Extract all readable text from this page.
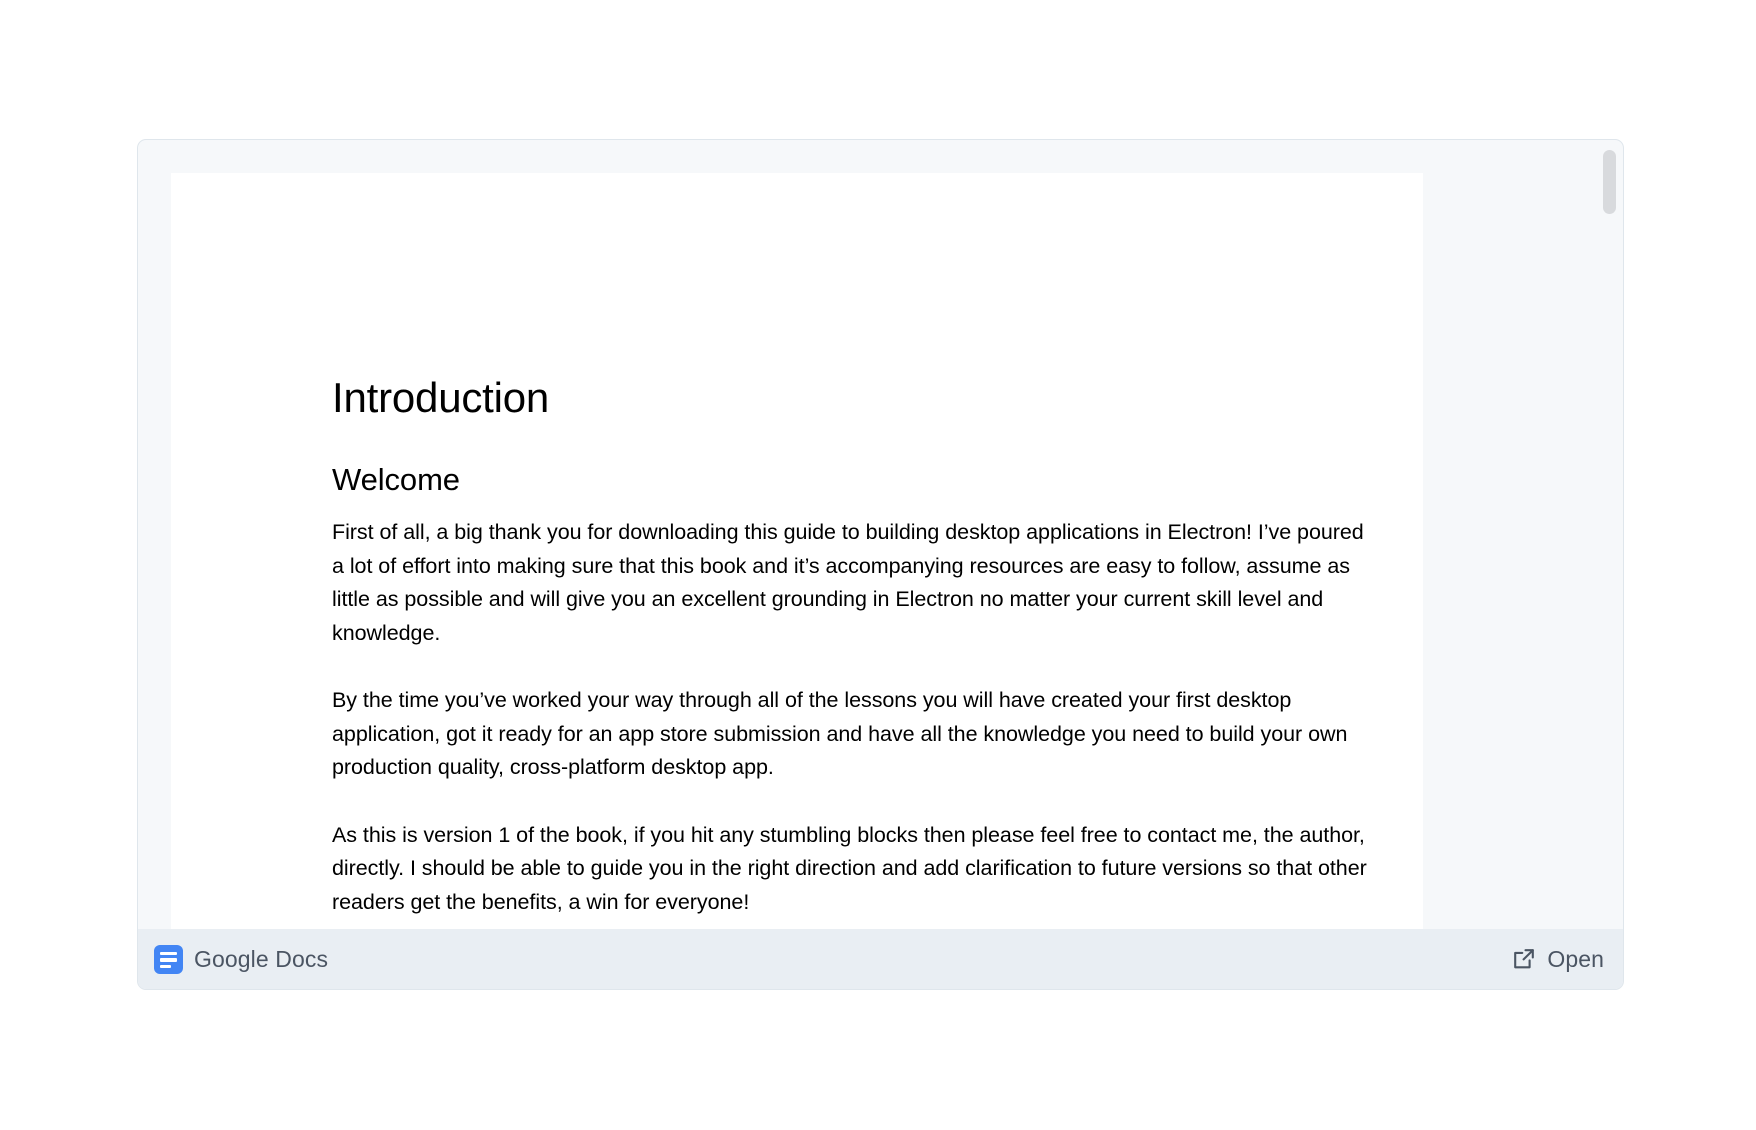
Introduction
Welcome

First of all, a big thank you for downloading this guide to building desktop applications in Electron! I’ve poured a lot of effort into making sure that this book and it’s accompanying resources are easy to follow, assume as little as possible and will give you an excellent grounding in Electron no matter your current skill level and knowledge.

By the time you’ve worked your way through all of the lessons you will have created your first desktop application, got it ready for an app store submission and have all the knowledge you need to build your own production quality, cross-platform desktop app.

As this is version 1 of the book, if you hit any stumbling blocks then please feel free to contact me, the author, directly. I should be able to guide you in the right direction and add clarification to future versions so that other readers get the benefits, a win for everyone!

Google Docs	Open
